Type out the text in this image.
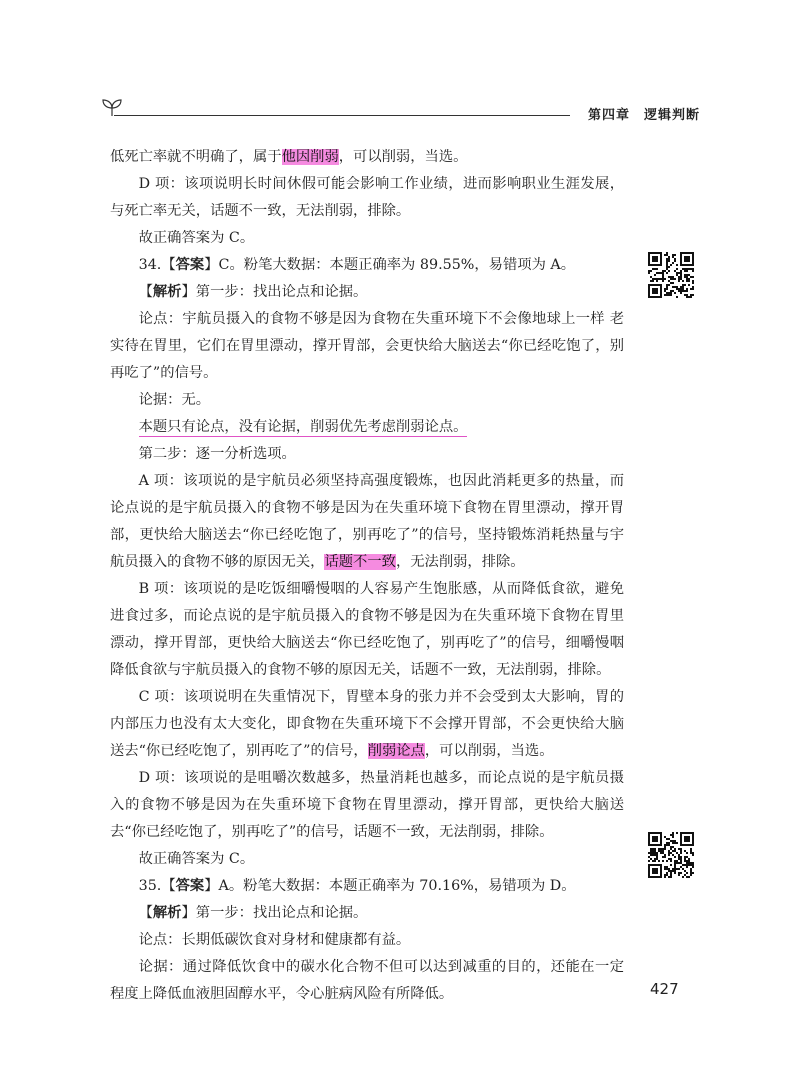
第四章 逻辑判断

低死亡率就不明确了，属于他因削弱，可以削弱，当选。

D 项：该项说明长时间休假可能会影响工作业绩，进而影响职业生涯发展，与死亡率无关，话题不一致，无法削弱，排除。

故正确答案为 C。

34.【答案】C。粉笔大数据：本题正确率为 89.55%，易错项为 A。

【解析】第一步：找出论点和论据。

论点：宇航员摄入的食物不够是因为食物在失重环境下不会像地球上一样 老实待在胃里，它们在胃里漂动，撑开胃部，会更快给大脑送去“你已经吃饱了，别再吃了”的信号。

论据：无。

本题只有论点，没有论据，削弱优先考虑削弱论点。

第二步：逐一分析选项。

A 项：该项说的是宇航员必须坚持高强度锻炼，也因此消耗更多的热量，而论点说的是宇航员摄入的食物不够是因为在失重环境下食物在胃里漂动，撑开胃部，更快给大脑送去“你已经吃饱了，别再吃了”的信号，坚持锻炼消耗热量与宇航员摄入的食物不够的原因无关，话题不一致，无法削弱，排除。

B 项：该项说的是吃饭细嚼慢咽的人容易产生饱胀感，从而降低食欲，避免进食过多，而论点说的是宇航员摄入的食物不够是因为在失重环境下食物在胃里漂动，撑开胃部，更快给大脑送去“你已经吃饱了，别再吃了”的信号，细嚼慢咽降低食欲与宇航员摄入的食物不够的原因无关，话题不一致，无法削弱，排除。

C 项：该项说明在失重情况下，胃壁本身的张力并不会受到太大影响，胃的内部压力也没有太大变化，即食物在失重环境下不会撑开胃部，不会更快给大脑送去“你已经吃饱了，别再吃了”的信号，削弱论点，可以削弱，当选。

D 项：该项说的是咀嚼次数越多，热量消耗也越多，而论点说的是宇航员摄入的食物不够是因为在失重环境下食物在胃里漂动，撑开胃部，更快给大脑送去“你已经吃饱了，别再吃了”的信号，话题不一致，无法削弱，排除。

故正确答案为 C。

35.【答案】A。粉笔大数据：本题正确率为 70.16%，易错项为 D。

【解析】第一步：找出论点和论据。

论点：长期低碳饮食对身材和健康都有益。

论据：通过降低饮食中的碳水化合物不但可以达到减重的目的，还能在一定程度上降低血液胆固醇水平，令心脏病风险有所降低。	427
